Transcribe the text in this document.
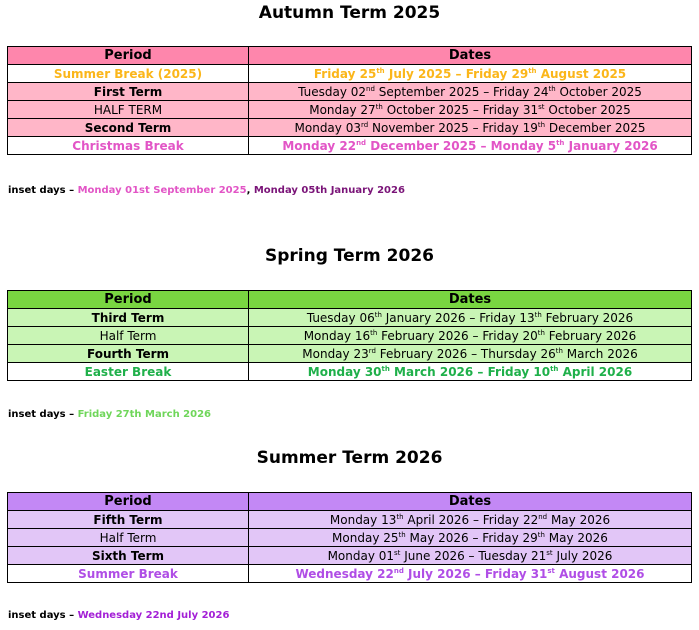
Autumn Term 2025
Period	Dates
Summer Break (2025)	Friday 25th July 2025 – Friday 29th August 2025
First Term	Tuesday 02nd September 2025 – Friday 24th October 2025
HALF TERM	Monday 27th October 2025 – Friday 31st October 2025
Second Term	Monday 03rd November 2025 – Friday 19th December 2025
Christmas Break	Monday 22nd December 2025 – Monday 5th January 2026
inset days – Monday 01st September 2025, Monday 05th January 2026
Spring Term 2026
Period	Dates
Third Term	Tuesday 06th January 2026 – Friday 13th February 2026
Half Term	Monday 16th February 2026 – Friday 20th February 2026
Fourth Term	Monday 23rd February 2026 – Thursday 26th March 2026
Easter Break	Monday 30th March 2026 – Friday 10th April 2026
inset days – Friday 27th March 2026
Summer Term 2026
Period	Dates
Fifth Term	Monday 13th April 2026 – Friday 22nd May 2026
Half Term	Monday 25th May 2026 – Friday 29th May 2026
Sixth Term	Monday 01st June 2026 – Tuesday 21st July 2026
Summer Break	Wednesday 22nd July 2026 – Friday 31st August 2026
inset days – Wednesday 22nd July 2026
